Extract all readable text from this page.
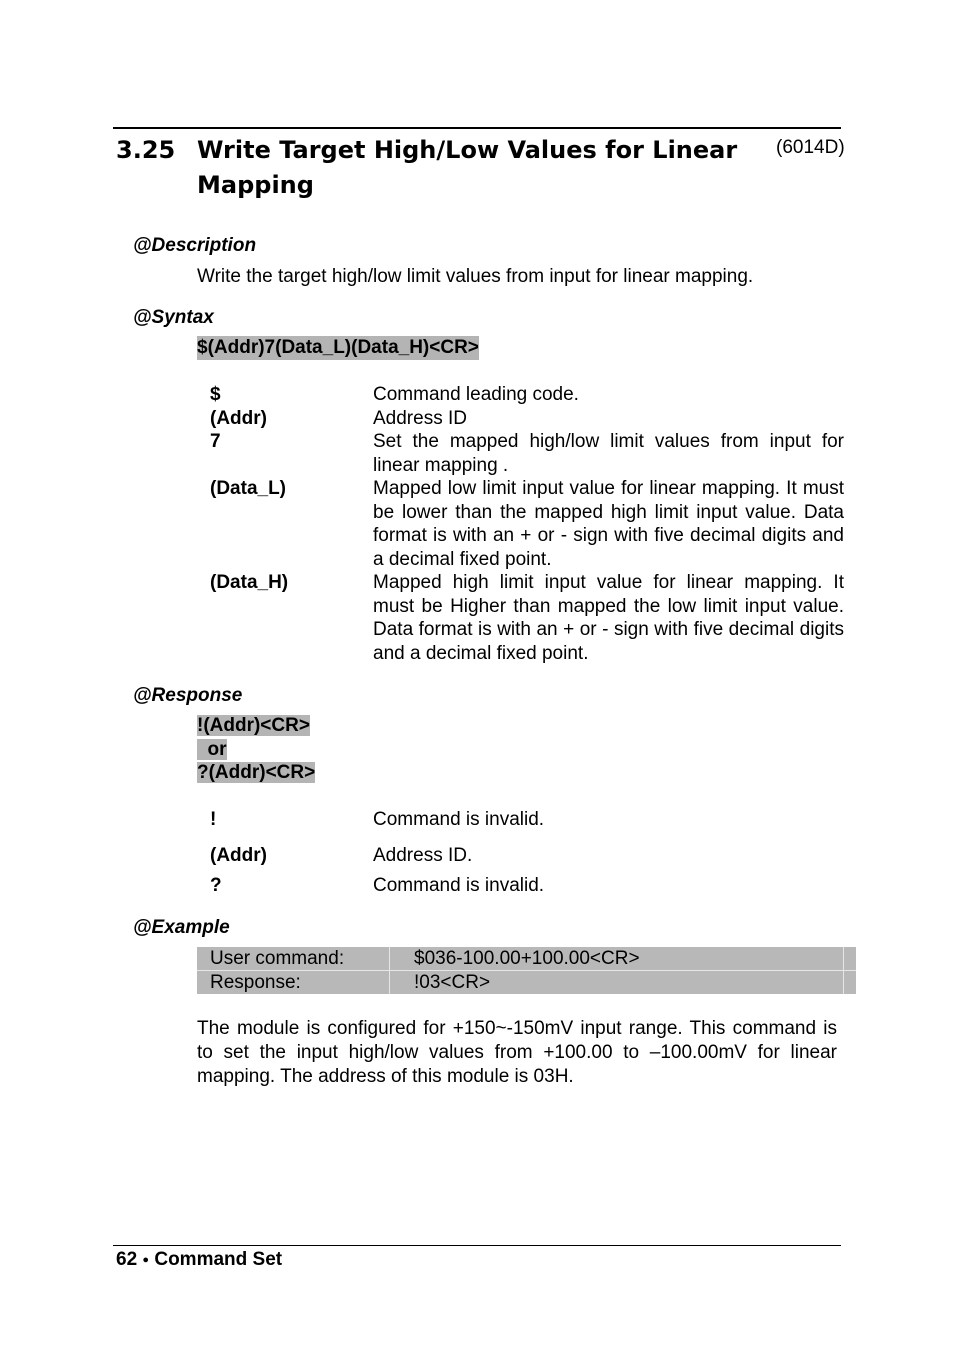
3.25 Write Target High/Low Values for Linear
Mapping
(6014D)
@Description
Write the target high/low limit values from input for linear mapping.
@Syntax
$(Addr)7(Data_L)(Data_H)<CR>
$	Command leading code.
(Addr)	Address ID
7	Set the mapped high/low limit values from input for linear mapping .
(Data_L)	Mapped low limit input value for linear mapping. It must be lower than the mapped high limit input value. Data format is with an + or - sign with five decimal digits and a decimal fixed point.
(Data_H)	Mapped high limit input value for linear mapping. It must be Higher than mapped the low limit input value. Data format is with an + or - sign with five decimal digits and a decimal fixed point.
@Response
!(Addr)<CR>
or
?(Addr)<CR>
!	Command is invalid.
(Addr)	Address ID.
?	Command is invalid.
@Example
User command:	$036-100.00+100.00<CR>
Response:	!03<CR>
The module is configured for +150~-150mV input range. This command is to set the input high/low values from +100.00 to –100.00mV for linear mapping. The address of this module is 03H.
62 ● Command Set
